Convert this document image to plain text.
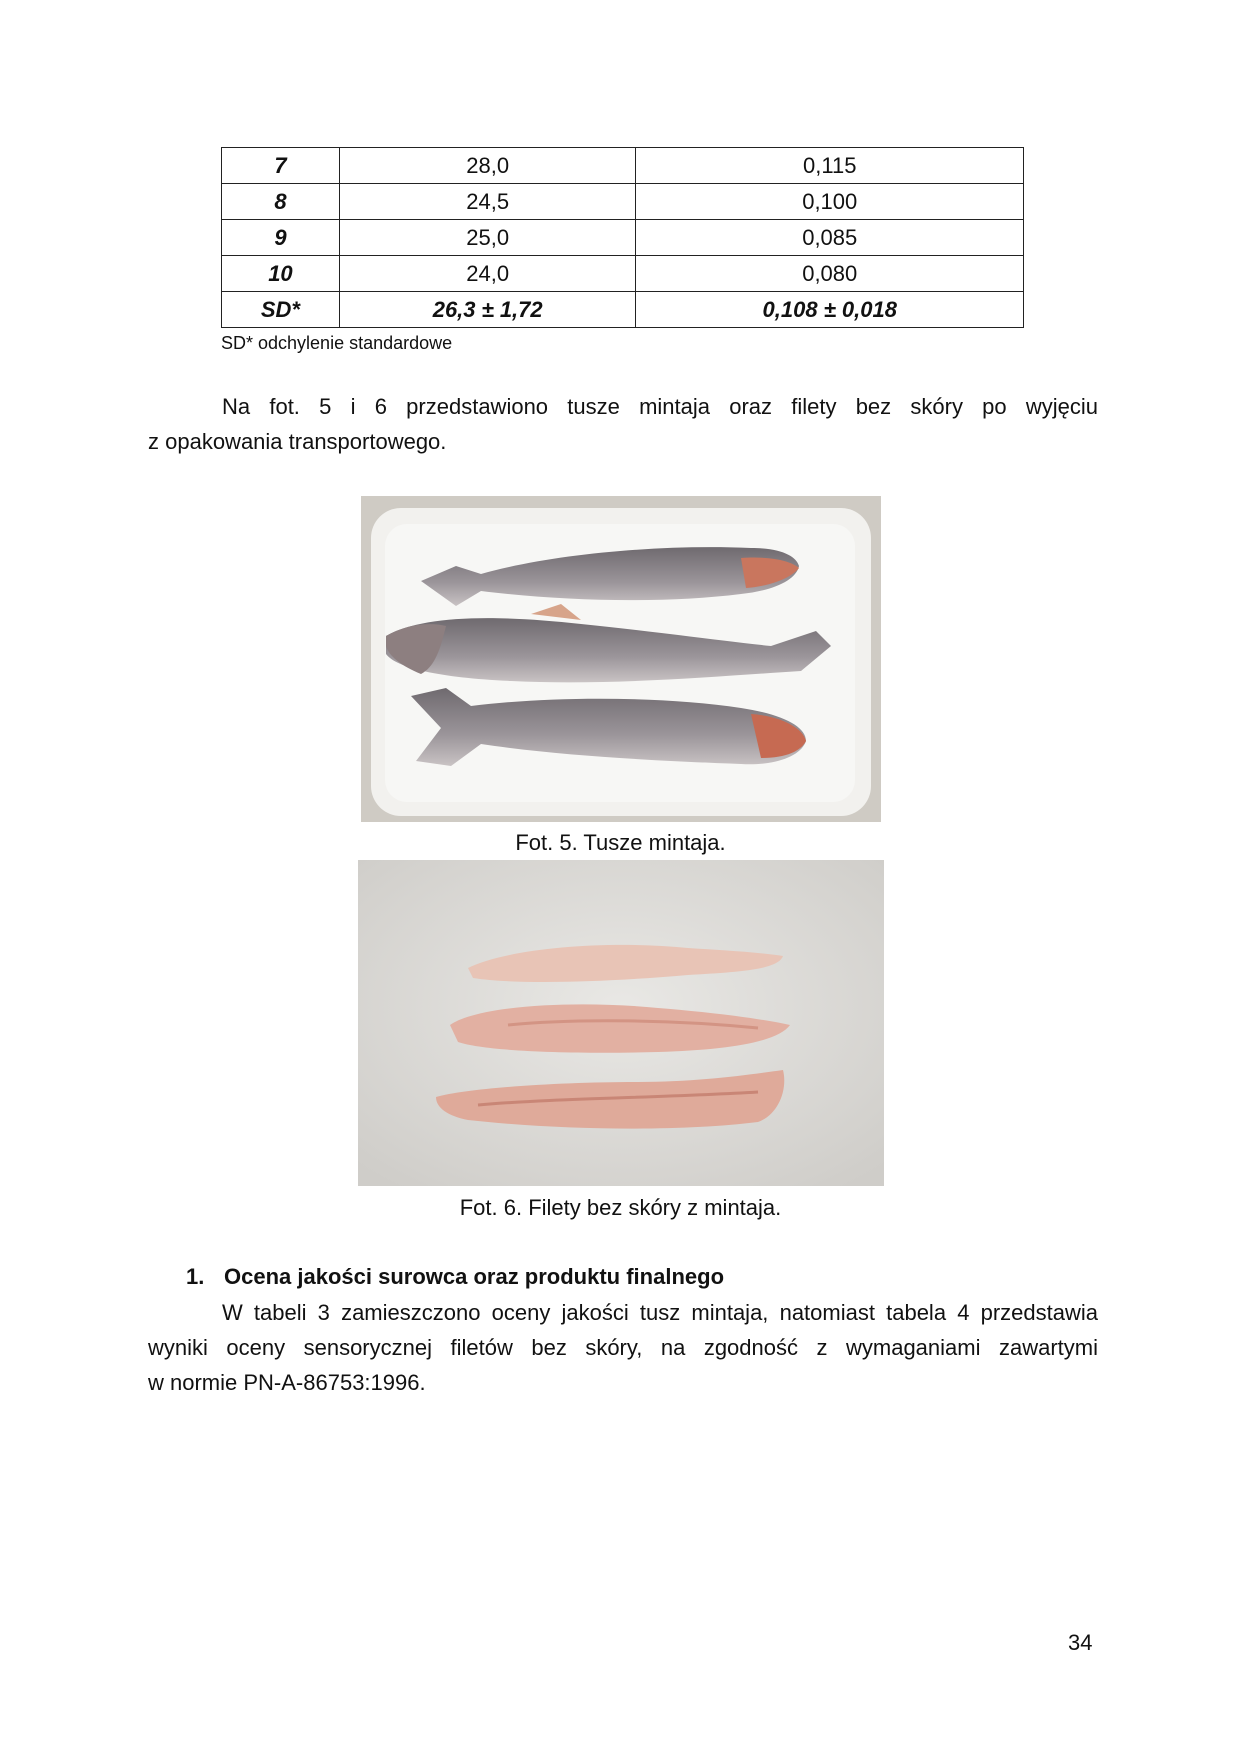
7	28,0	0,115
8	24,5	0,100
9	25,0	0,085
10	24,0	0,080
SD*	26,3 ± 1,72	0,108 ± 0,018
SD* odchylenie standardowe
Na fot. 5 i 6 przedstawiono tusze mintaja oraz filety bez skóry po wyjęciu
z opakowania transportowego.
Fot. 5. Tusze mintaja.
Fot. 6. Filety bez skóry z mintaja.
1. Ocena jakości surowca oraz produktu finalnego
W tabeli 3 zamieszczono oceny jakości tusz mintaja, natomiast tabela 4 przedstawia
wyniki oceny sensorycznej filetów bez skóry, na zgodność z wymaganiami zawartymi
w normie PN-A-86753:1996.
34
